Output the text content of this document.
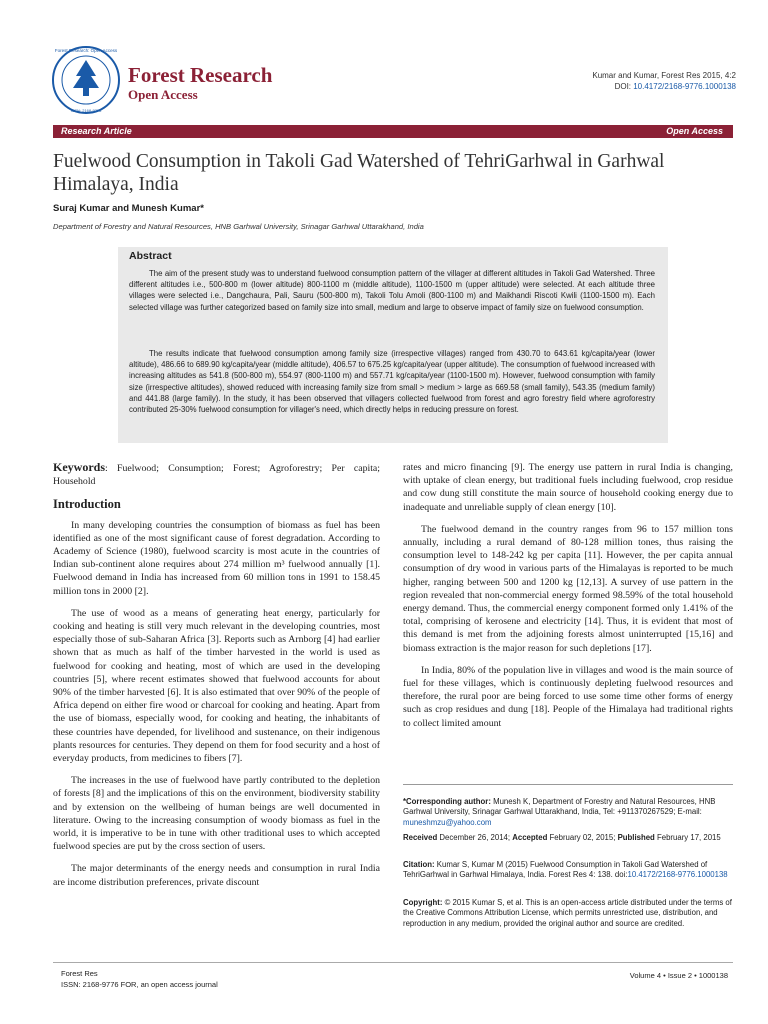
Forest Research: Open Access
ISSN: 2168-9776
Forest Research
Open Access
Kumar and Kumar, Forest Res 2015, 4:2
DOI: 10.4172/2168-9776.1000138
Research Article	Open Access
Fuelwood Consumption in Takoli Gad Watershed of TehriGarhwal in Garhwal Himalaya, India
Suraj Kumar and Munesh Kumar*
Department of Forestry and Natural Resources, HNB Garhwal University, Srinagar Garhwal Uttarakhand, India
Abstract

The aim of the present study was to understand fuelwood consumption pattern of the villager at different altitudes in Takoli Gad Watershed. Three different altitudes i.e., 500-800 m (lower altitude) 800-1100 m (middle altitude), 1100-1500 m (upper altitude) were selected. At each altitude three villages were selected i.e., Dangchaura, Pali, Sauru (500-800 m), Takoli Tolu Amoli (800-1100 m) and Maikhandi Riscoti Kwili (1100-1500 m). Each selected village was further categorized based on family size into small, medium and large to observe impact of family size on fuelwood consumption.

The results indicate that fuelwood consumption among family size (irrespective villages) ranged from 430.70 to 643.61 kg/capita/year (lower altitude), 486.66 to 689.90 kg/capita/year (middle altitude), 406.57 to 675.25 kg/capita/year (upper altitude). The consumption of fuelwood increased with increasing altitudes as 541.8 (500-800 m), 554.97 (800-1100 m) and 557.71 kg/capita/year (1100-1500 m). However, fuelwood consumption with family size (irrespective altitudes), showed reduced with increasing family size from small > medium > large as 669.58 (small family), 543.35 (medium family) and 441.88 (large family). In the study, it has been observed that villagers collected fuelwood from forest and agro forestry field where agroforestry contributed 25-30% fuelwood consumption for villager's need, which directly helps in reducing pressure on forest.

Keywords: Fuelwood; Consumption; Forest; Agroforestry; Per capita; Household

Introduction

In many developing countries the consumption of biomass as fuel has been identified as one of the most significant cause of forest degradation. According to Academy of Science (1980), fuelwood scarcity is most acute in the countries of Indian sub-continent alone requires about 274 million m³ fuelwood annually [1]. Fuelwood demand in India has increased from 60 million tons in 1991 to 158.45 million tons in 2000 [2].

The use of wood as a means of generating heat energy, particularly for cooking and heating is still very much relevant in the developing countries, most especially those of sub-Saharan Africa [3]. Reports such as Arnborg [4] had earlier shown that as much as half of the timber harvested in the world is used as fuelwood for cooking and heating, most of which are used in the developing countries [5], where recent estimates showed that fuelwood accounts for about 90% of the timber harvested [6]. It is also estimated that over 90% of the people of Africa depend on either fire wood or charcoal for cooking and heating. Apart from the use of biomass, especially wood, for cooking and heating, the inhabitants of these countries have depended, for livelihood and sustenance, on their indigenous plants resources for centuries. They depend on them for food security and a host of everyday products, from medicines to fibers [7].

The increases in the use of fuelwood have partly contributed to the depletion of forests [8] and the implications of this on the environment, biodiversity stability and by extension on the wellbeing of human beings are well documented in literature. Owing to the increasing consumption of woody biomass as fuel in the world, it is imperative to be in tune with other traditional uses to which accepted fuelwood species are put by the cross section of users.

The major determinants of the energy needs and consumption in rural India are income distribution preferences, private discount

rates and micro financing [9]. The energy use pattern in rural India is changing, with uptake of clean energy, but traditional fuels including fuelwood, crop residue and cow dung still constitute the main source of household cooking energy due to inadequate and unreliable supply of clean energy [10].

The fuelwood demand in the country ranges from 96 to 157 million tons annually, including a rural demand of 80-128 million tones, thus raising the consumption level to 148-242 kg per capita [11]. However, the per capita annual consumption of dry wood in various parts of the Himalayas is reported to be much higher, ranging between 500 and 1200 kg [12,13]. A survey of use pattern in the region revealed that non-commercial energy formed 98.59% of the total household energy demand. Thus, the commercial energy component formed only 1.41% of the total, comprising of kerosene and electricity [14]. Thus, it is evident that most of this demand is met from the adjoining forests almost uninterrupted [15,16] and biomass extraction is the major reason for such depletions [17].

In India, 80% of the population live in villages and wood is the main source of fuel for these villages, which is continuously depleting fuelwood resources and therefore, the rural poor are being forced to use some time other forms of energy such as crop residues and dung [18]. People of the Himalaya had traditional rights to collect limited amount

*Corresponding author: Munesh K, Department of Forestry and Natural Resources, HNB Garhwal University, Srinagar Garhwal Uttarakhand, India, Tel: +911370267529; E-mail: muneshmzu@yahoo.com
Received December 26, 2014; Accepted February 02, 2015; Published February 17, 2015
Citation: Kumar S, Kumar M (2015) Fuelwood Consumption in Takoli Gad Watershed of TehriGarhwal in Garhwal Himalaya, India. Forest Res 4: 138. doi:10.4172/2168-9776.1000138
Copyright: © 2015 Kumar S, et al. This is an open-access article distributed under the terms of the Creative Commons Attribution License, which permits unrestricted use, distribution, and reproduction in any medium, provided the original author and source are credited.
Forest Res
ISSN: 2168-9776 FOR, an open access journal
Volume 4 • Issue 2 • 1000138
